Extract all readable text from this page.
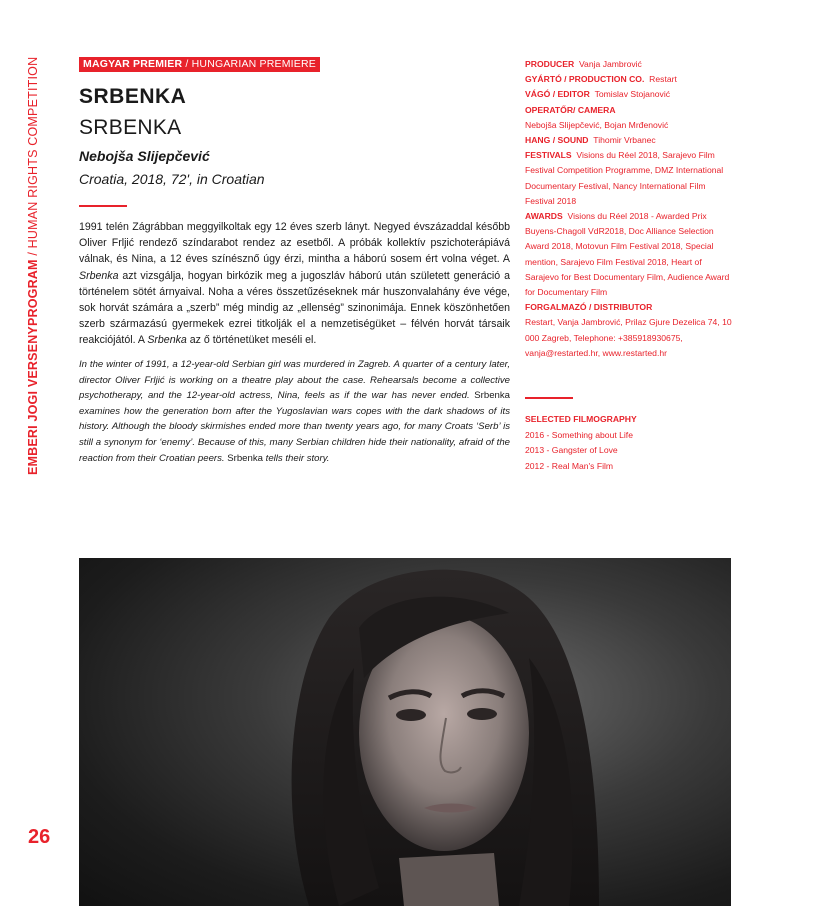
EMBERI JOGI VERSENYPROGRAM / HUMAN RIGHTS COMPETITION
26
MAGYAR PREMIER / HUNGARIAN PREMIERE
SRBENKA
SRBENKA
Nebojša Slijepčević
Croatia, 2018, 72', in Croatian
1991 telén Zágrábban meggyilkoltak egy 12 éves szerb lányt. Negyed évszázaddal később Oliver Frljić rendező színdarabot rendez az esetből. A próbák kollektív pszichoterápiává válnak, és Nina, a 12 éves színésznő úgy érzi, mintha a háború sosem ért volna véget. A Srbenka azt vizsgálja, hogyan birkózik meg a jugoszláv háború után született generáció a történelem sötét árnyaival. Noha a véres összetűzéseknek már huszonvalahány éve vége, sok horvát számára a „szerb” még mindig az „ellenség” szinonimája. Ennek köszönhetően szerb származású gyermekek ezrei titkolják el a nemzetiségüket – félvén horvát társaik reakciójától. A Srbenka az ő történetüket meséli el.
In the winter of 1991, a 12-year-old Serbian girl was murdered in Zagreb. A quarter of a century later, director Oliver Frljić is working on a theatre play about the case. Rehearsals become a collective psychotherapy, and the 12-year-old actress, Nina, feels as if the war has never ended. Srbenka examines how the generation born after the Yugoslavian wars copes with the dark shadows of its history. Although the bloody skirmishes ended more than twenty years ago, for many Croats ‘Serb’ is still a synonym for ‘enemy’. Because of this, many Serbian children hide their nationality, afraid of the reaction from their Croatian peers. Srbenka tells their story.

PRODUCER Vanja Jambrović

GYÁRTÓ / PRODUCTION CO. Restart

VÁGÓ / EDITOR Tomislav Stojanović

OPERATŐR/ CAMERA
Nebojša Slijepčević, Bojan Mrđenović

HANG / SOUND Tihomir Vrbanec

FESTIVALS Visions du Réel 2018, Sarajevo Film Festival Competition Programme, DMZ International Documentary Festival, Nancy International Film Festival 2018

AWARDS Visions du Réel 2018 - Awarded Prix Buyens-Chagoll VdR2018, Doc Alliance Selection Award 2018, Motovun Film Festival 2018, Special mention, Sarajevo Film Festival 2018, Heart of Sarajevo for Best Documentary Film, Audience Award for Documentary Film

FORGALMAZÓ / DISTRIBUTOR
Restart, Vanja Jambrović, Prilaz Gjure Dezelica 74, 10 000 Zagreb, Telephone: +385918930675, vanja@restarted.hr, www.restarted.hr

SELECTED FILMOGRAPHY
2016 - Something about Life
2013 - Gangster of Love
2012 - Real Man's Film
